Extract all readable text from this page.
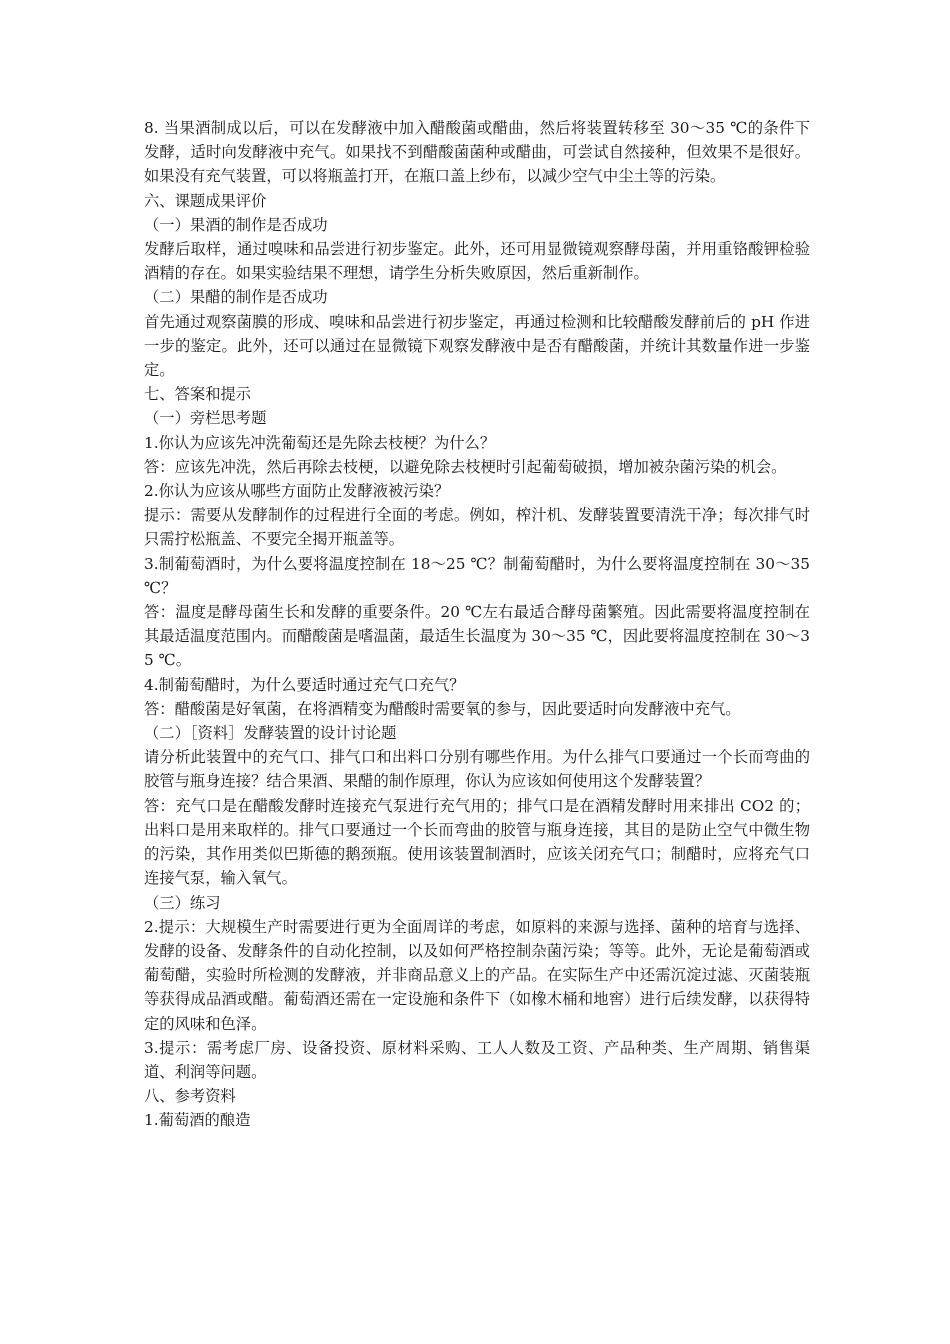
8. 当果酒制成以后，可以在发酵液中加入醋酸菌或醋曲，然后将装置转移至 30～35 ℃的条件下发酵，适时向发酵液中充气。如果找不到醋酸菌菌种或醋曲，可尝试自然接种，但效果不是很好。如果没有充气装置，可以将瓶盖打开，在瓶口盖上纱布，以减少空气中尘土等的污染。

六、课题成果评价

（一）果酒的制作是否成功

发酵后取样，通过嗅味和品尝进行初步鉴定。此外，还可用显微镜观察酵母菌，并用重铬酸钾检验酒精的存在。如果实验结果不理想，请学生分析失败原因，然后重新制作。

（二）果醋的制作是否成功

首先通过观察菌膜的形成、嗅味和品尝进行初步鉴定，再通过检测和比较醋酸发酵前后的 pH 作进一步的鉴定。此外，还可以通过在显微镜下观察发酵液中是否有醋酸菌，并统计其数量作进一步鉴定。

七、答案和提示

（一）旁栏思考题

1.你认为应该先冲洗葡萄还是先除去枝梗？为什么？

答：应该先冲洗，然后再除去枝梗，以避免除去枝梗时引起葡萄破损，增加被杂菌污染的机会。

2.你认为应该从哪些方面防止发酵液被污染？

提示：需要从发酵制作的过程进行全面的考虑。例如，榨汁机、发酵装置要清洗干净；每次排气时只需拧松瓶盖、不要完全揭开瓶盖等。

3.制葡萄酒时，为什么要将温度控制在 18～25 ℃？制葡萄醋时，为什么要将温度控制在 30～35 ℃？

答：温度是酵母菌生长和发酵的重要条件。20 ℃左右最适合酵母菌繁殖。因此需要将温度控制在其最适温度范围内。而醋酸菌是嗜温菌，最适生长温度为 30～35 ℃，因此要将温度控制在 30～35 ℃。

4.制葡萄醋时，为什么要适时通过充气口充气？

答：醋酸菌是好氧菌，在将酒精变为醋酸时需要氧的参与，因此要适时向发酵液中充气。

（二）［资料］发酵装置的设计讨论题

请分析此装置中的充气口、排气口和出料口分别有哪些作用。为什么排气口要通过一个长而弯曲的胶管与瓶身连接？结合果酒、果醋的制作原理，你认为应该如何使用这个发酵装置？

答：充气口是在醋酸发酵时连接充气泵进行充气用的；排气口是在酒精发酵时用来排出 CO2 的；出料口是用来取样的。排气口要通过一个长而弯曲的胶管与瓶身连接，其目的是防止空气中微生物的污染，其作用类似巴斯德的鹅颈瓶。使用该装置制酒时，应该关闭充气口；制醋时，应将充气口连接气泵，输入氧气。

（三）练习

2.提示：大规模生产时需要进行更为全面周详的考虑，如原料的来源与选择、菌种的培育与选择、发酵的设备、发酵条件的自动化控制，以及如何严格控制杂菌污染；等等。此外，无论是葡萄酒或葡萄醋，实验时所检测的发酵液，并非商品意义上的产品。在实际生产中还需沉淀过滤、灭菌装瓶等获得成品酒或醋。葡萄酒还需在一定设施和条件下（如橡木桶和地窖）进行后续发酵，以获得特定的风味和色泽。

3.提示：需考虑厂房、设备投资、原材料采购、工人人数及工资、产品种类、生产周期、销售渠道、利润等问题。

八、参考资料

1.葡萄酒的酿造
